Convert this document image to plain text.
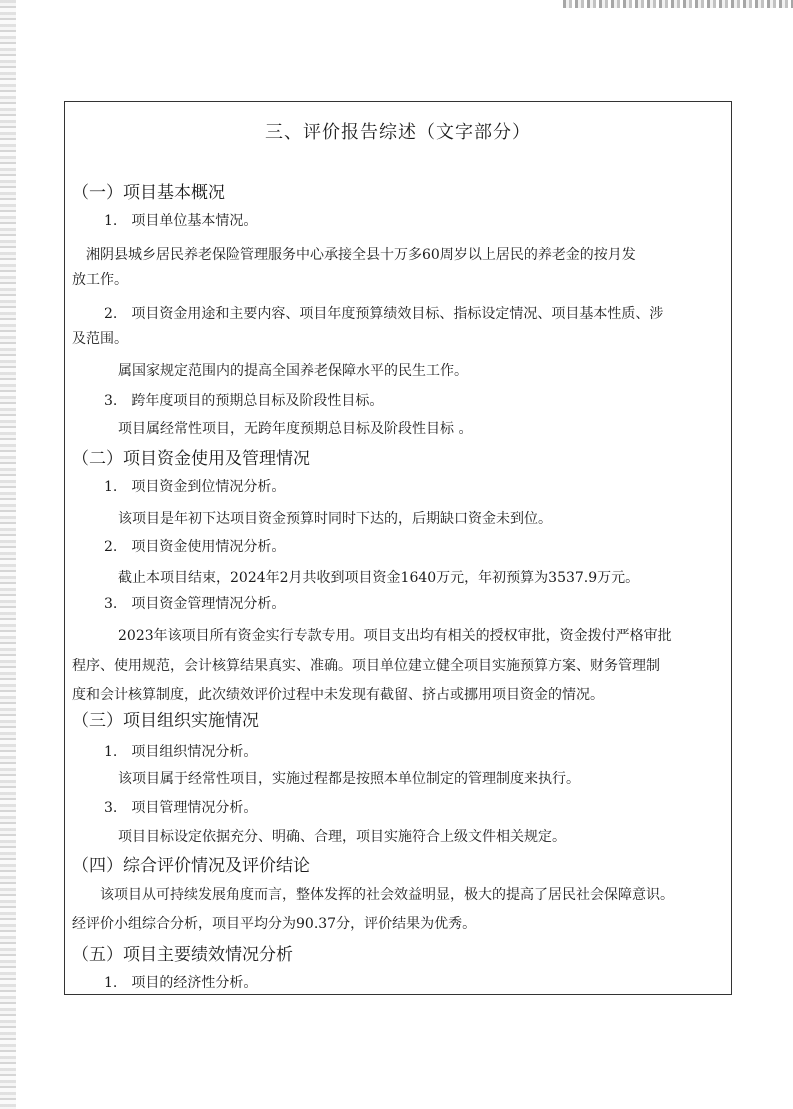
三、评价报告综述（文字部分）
（一）项目基本概况
1.　项目单位基本情况。
湘阴县城乡居民养老保险管理服务中心承接全县十万多60周岁以上居民的养老金的按月发
放工作。
2.　项目资金用途和主要内容、项目年度预算绩效目标、指标设定情况、项目基本性质、涉
及范围。
属国家规定范围内的提高全国养老保障水平的民生工作。
3.　跨年度项目的预期总目标及阶段性目标。
项目属经常性项目，无跨年度预期总目标及阶段性目标 。
（二）项目资金使用及管理情况
1.　项目资金到位情况分析。
该项目是年初下达项目资金预算时同时下达的，后期缺口资金未到位。
2.　项目资金使用情况分析。
截止本项目结束，2024年2月共收到项目资金1640万元，年初预算为3537.9万元。
3.　项目资金管理情况分析。
2023年该项目所有资金实行专款专用。项目支出均有相关的授权审批，资金拨付严格审批
程序、使用规范，会计核算结果真实、准确。项目单位建立健全项目实施预算方案、财务管理制
度和会计核算制度，此次绩效评价过程中未发现有截留、挤占或挪用项目资金的情况。
（三）项目组织实施情况
1.　项目组织情况分析。
该项目属于经常性项目，实施过程都是按照本单位制定的管理制度来执行。
3.　项目管理情况分析。
项目目标设定依据充分、明确、合理，项目实施符合上级文件相关规定。
（四）综合评价情况及评价结论
该项目从可持续发展角度而言，整体发挥的社会效益明显，极大的提高了居民社会保障意识。
经评价小组综合分析，项目平均分为90.37分，评价结果为优秀。
（五）项目主要绩效情况分析
1.　项目的经济性分析。
